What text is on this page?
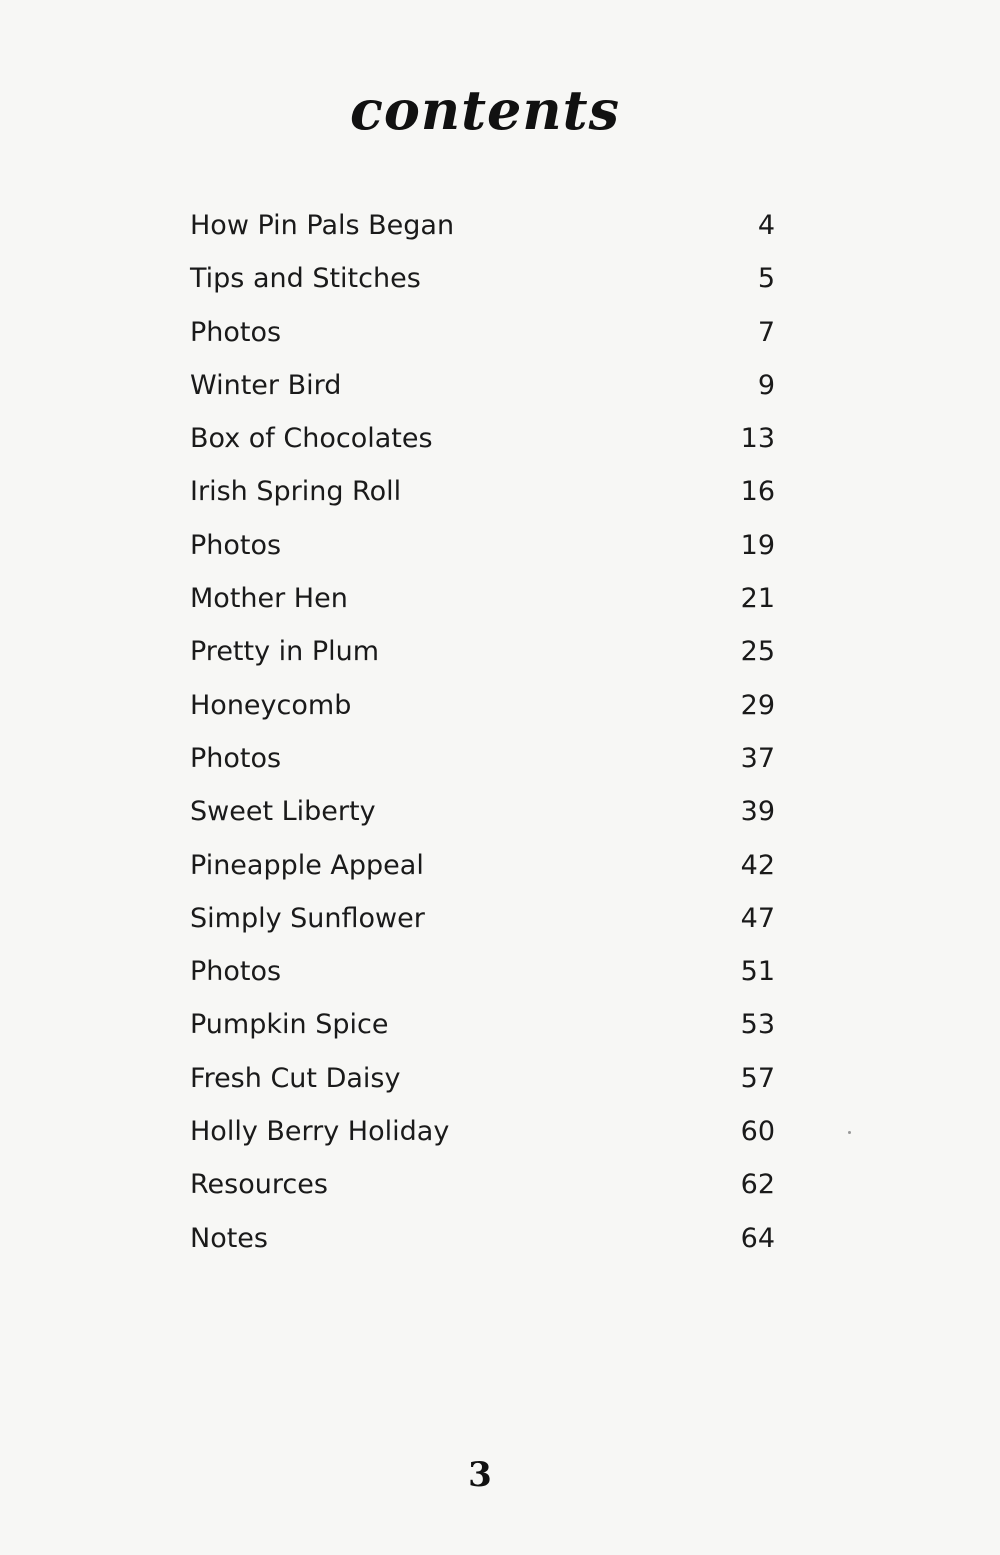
contents
How Pin Pals Began	4
Tips and Stitches	5
Photos	7
Winter Bird	9
Box of Chocolates	13
Irish Spring Roll	16
Photos	19
Mother Hen	21
Pretty in Plum	25
Honeycomb	29
Photos	37
Sweet Liberty	39
Pineapple Appeal	42
Simply Sunflower	47
Photos	51
Pumpkin Spice	53
Fresh Cut Daisy	57
Holly Berry Holiday	60
Resources	62
Notes	64
3
